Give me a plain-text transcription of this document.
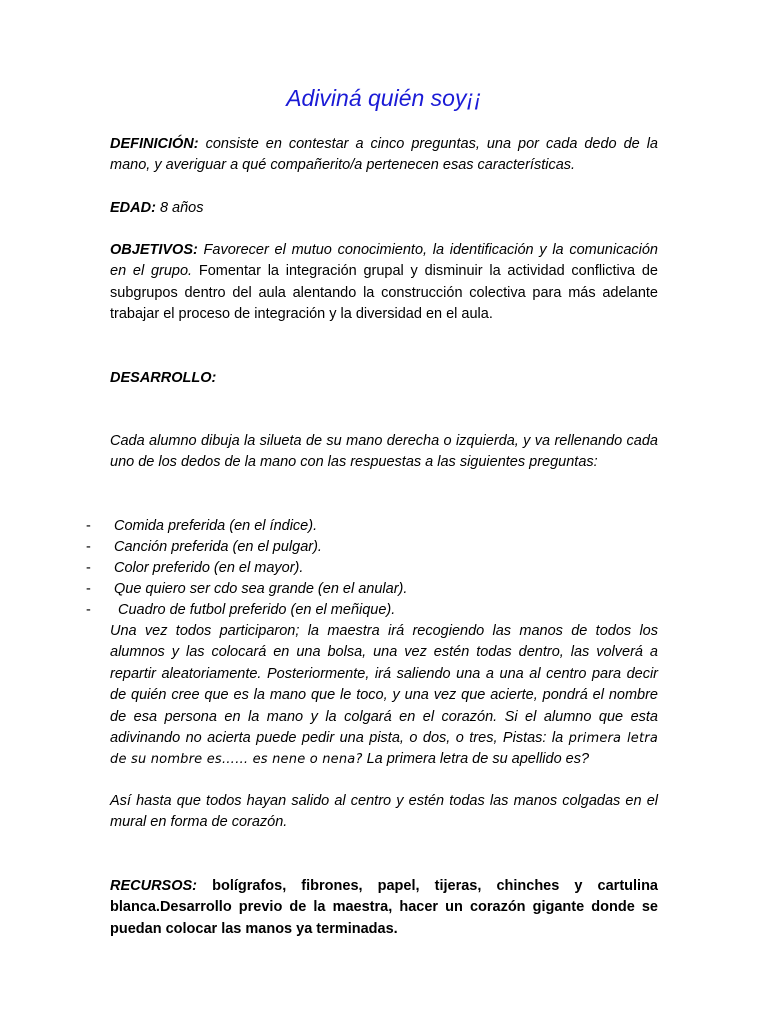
Adiviná quién soy¡¡
DEFINICIÓN: consiste en contestar a cinco preguntas, una por cada dedo de la mano, y averiguar a qué compañerito/a pertenecen esas características.
EDAD: 8 años
OBJETIVOS: Favorecer el mutuo conocimiento, la identificación y la comunicación en el grupo. Fomentar la integración grupal y disminuir la actividad conflictiva de subgrupos dentro del aula alentando la construcción colectiva para más adelante trabajar el proceso de integración y la diversidad en el aula.
DESARROLLO:
Cada alumno dibuja la silueta de su mano derecha o izquierda, y va rellenando cada uno de los dedos de la mano con las respuestas a las siguientes preguntas:
- Comida preferida (en el índice).
- Canción preferida (en el pulgar).
- Color preferido (en el mayor).
- Que quiero ser cdo sea grande (en el anular).
- Cuadro de futbol preferido (en el meñique).
Una vez todos participaron; la maestra irá recogiendo las manos de todos los alumnos y las colocará en una bolsa, una vez estén todas dentro, las volverá a repartir aleatoriamente. Posteriormente, irá saliendo una a una al centro para decir de quién cree que es la mano que le toco, y una vez que acierte, pondrá el nombre de esa persona en la mano y la colgará en el corazón. Si el alumno que esta adivinando no acierta puede pedir una pista, o dos, o tres, Pistas: la primera letra de su nombre es…… es nene o nena? La primera letra de su apellido es?
Así hasta que todos hayan salido al centro y estén todas las manos colgadas en el mural en forma de corazón.
RECURSOS: bolígrafos, fibrones, papel, tijeras, chinches y cartulina blanca.Desarrollo previo de la maestra, hacer un corazón gigante donde se puedan colocar las manos ya terminadas.
